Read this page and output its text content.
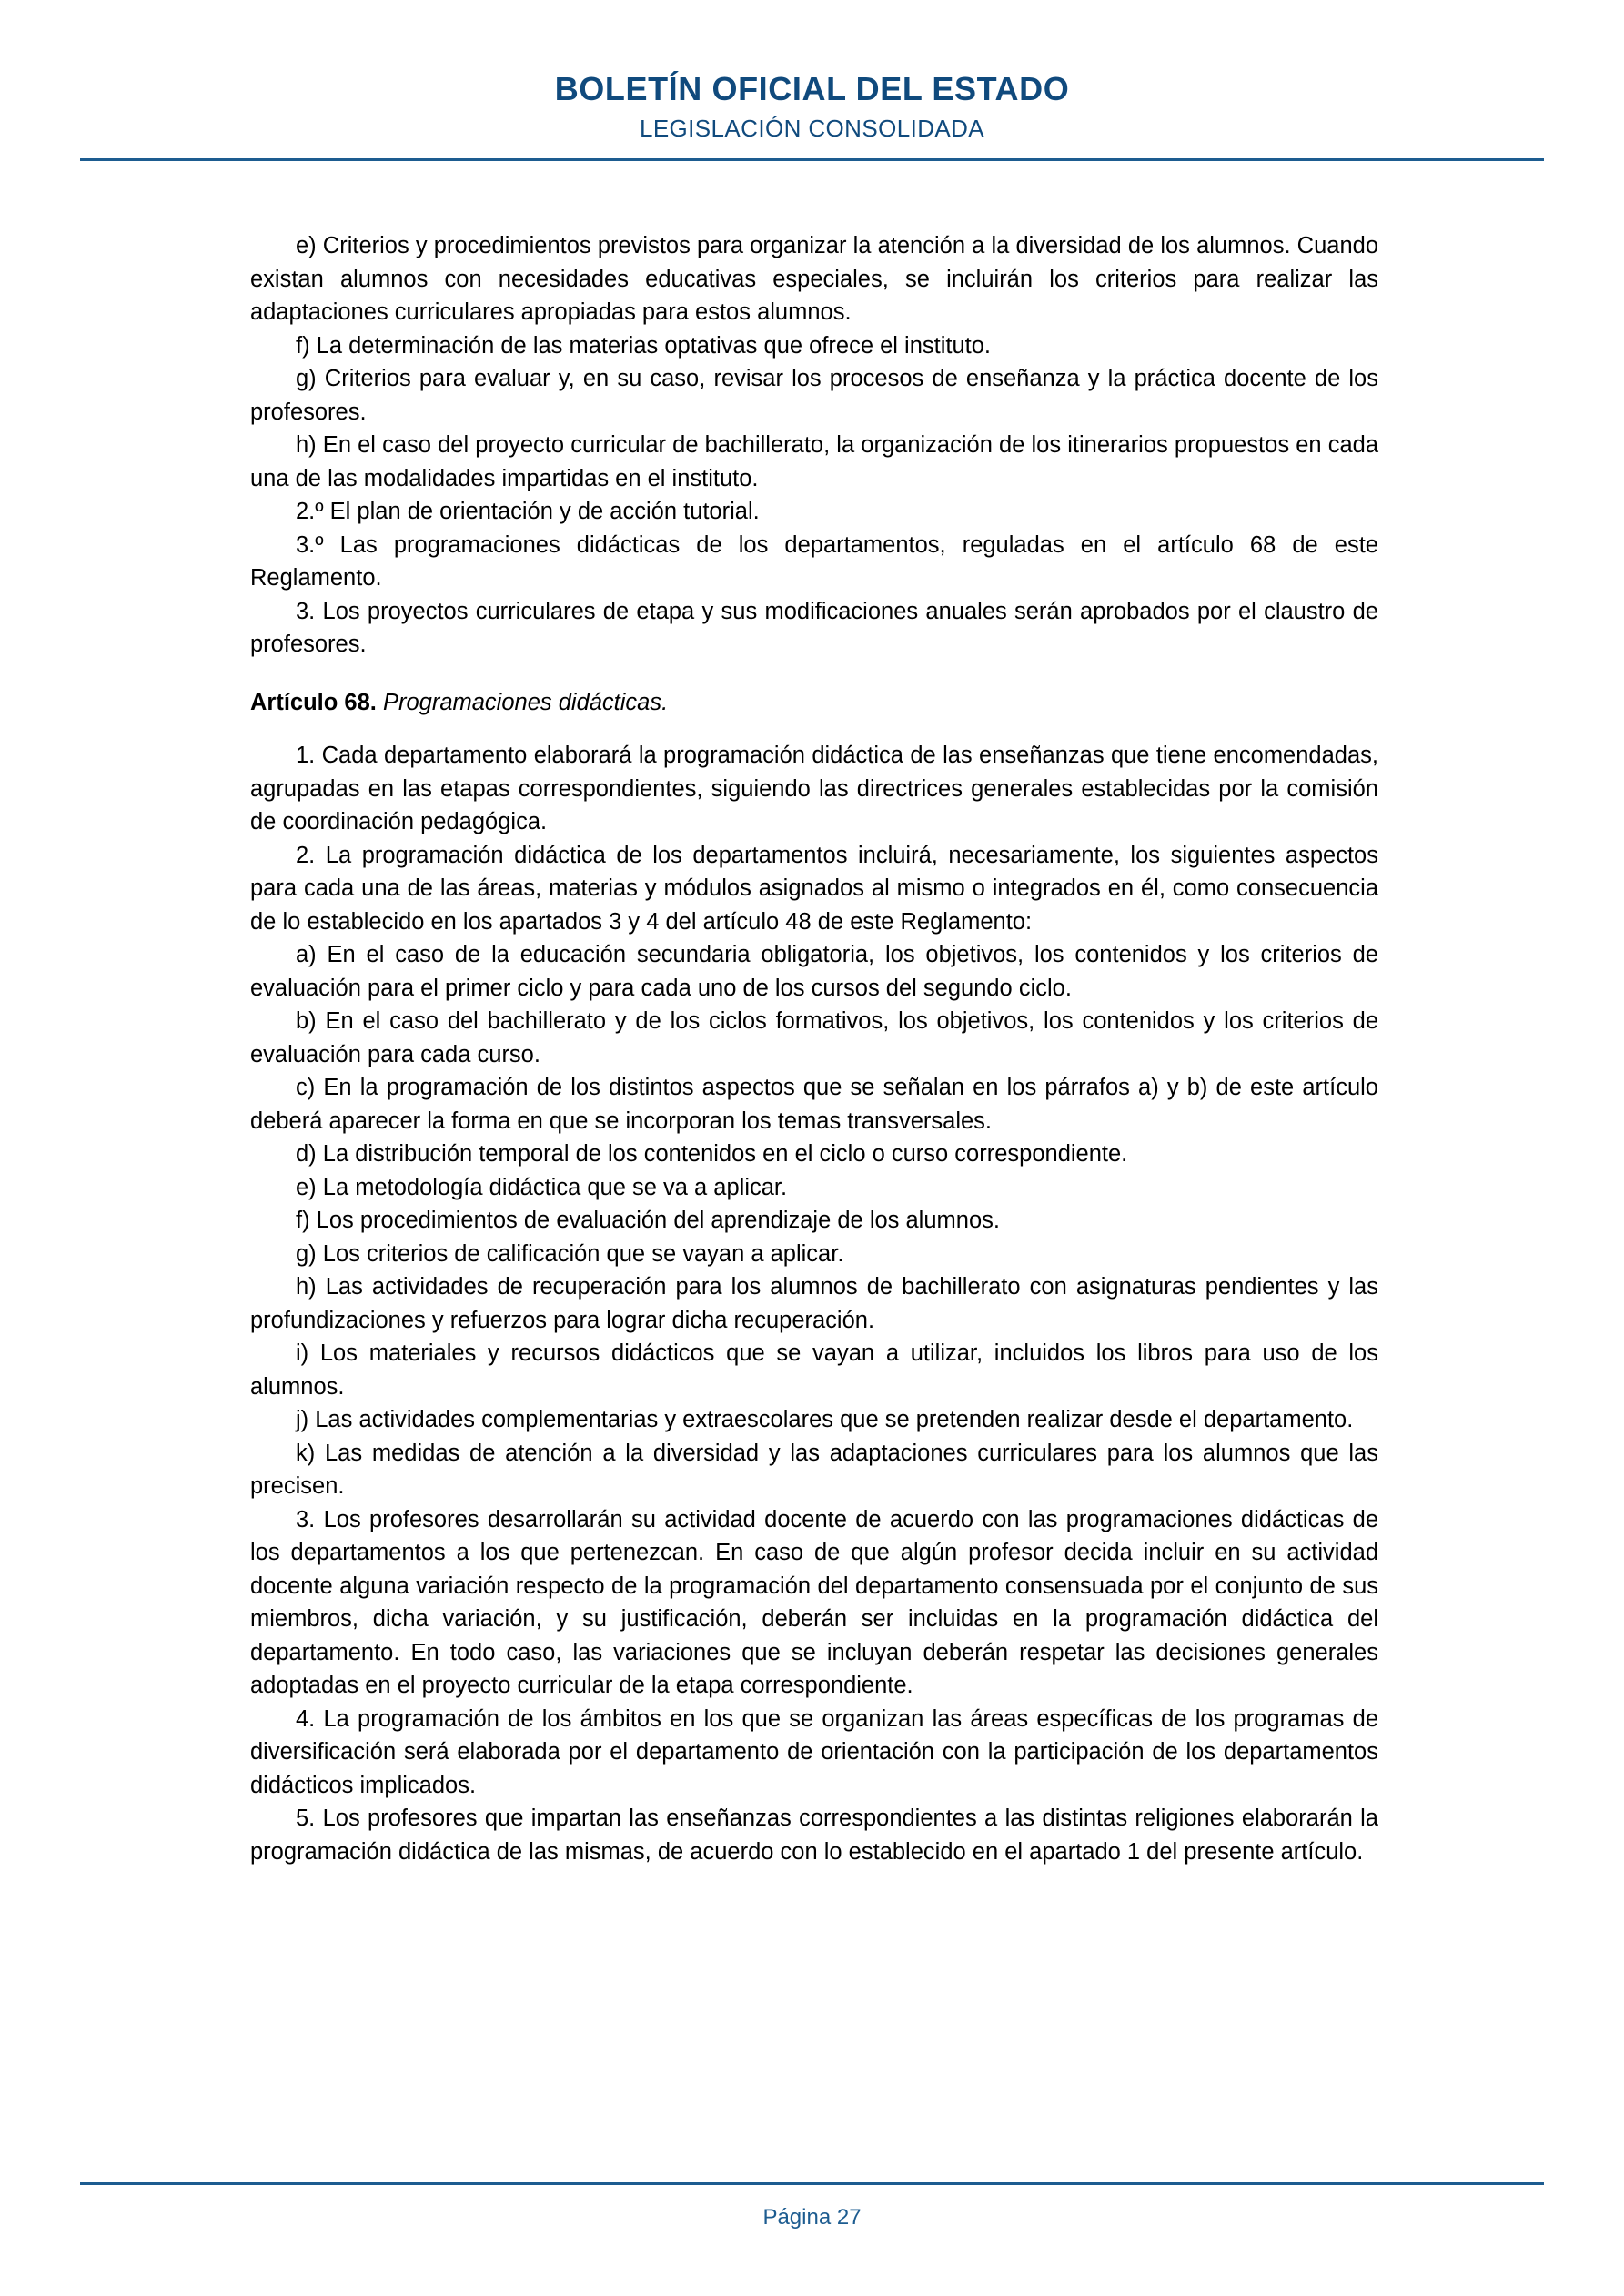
BOLETÍN OFICIAL DEL ESTADO
LEGISLACIÓN CONSOLIDADA

e) Criterios y procedimientos previstos para organizar la atención a la diversidad de los alumnos. Cuando existan alumnos con necesidades educativas especiales, se incluirán los criterios para realizar las adaptaciones curriculares apropiadas para estos alumnos.

f) La determinación de las materias optativas que ofrece el instituto.

g) Criterios para evaluar y, en su caso, revisar los procesos de enseñanza y la práctica docente de los profesores.

h) En el caso del proyecto curricular de bachillerato, la organización de los itinerarios propuestos en cada una de las modalidades impartidas en el instituto.

2.º El plan de orientación y de acción tutorial.

3.º Las programaciones didácticas de los departamentos, reguladas en el artículo 68 de este Reglamento.

3. Los proyectos curriculares de etapa y sus modificaciones anuales serán aprobados por el claustro de profesores.

Artículo 68. Programaciones didácticas.

1. Cada departamento elaborará la programación didáctica de las enseñanzas que tiene encomendadas, agrupadas en las etapas correspondientes, siguiendo las directrices generales establecidas por la comisión de coordinación pedagógica.

2. La programación didáctica de los departamentos incluirá, necesariamente, los siguientes aspectos para cada una de las áreas, materias y módulos asignados al mismo o integrados en él, como consecuencia de lo establecido en los apartados 3 y 4 del artículo 48 de este Reglamento:

a) En el caso de la educación secundaria obligatoria, los objetivos, los contenidos y los criterios de evaluación para el primer ciclo y para cada uno de los cursos del segundo ciclo.

b) En el caso del bachillerato y de los ciclos formativos, los objetivos, los contenidos y los criterios de evaluación para cada curso.

c) En la programación de los distintos aspectos que se señalan en los párrafos a) y b) de este artículo deberá aparecer la forma en que se incorporan los temas transversales.

d) La distribución temporal de los contenidos en el ciclo o curso correspondiente.

e) La metodología didáctica que se va a aplicar.

f) Los procedimientos de evaluación del aprendizaje de los alumnos.

g) Los criterios de calificación que se vayan a aplicar.

h) Las actividades de recuperación para los alumnos de bachillerato con asignaturas pendientes y las profundizaciones y refuerzos para lograr dicha recuperación.

i) Los materiales y recursos didácticos que se vayan a utilizar, incluidos los libros para uso de los alumnos.

j) Las actividades complementarias y extraescolares que se pretenden realizar desde el departamento.

k) Las medidas de atención a la diversidad y las adaptaciones curriculares para los alumnos que las precisen.

3. Los profesores desarrollarán su actividad docente de acuerdo con las programaciones didácticas de los departamentos a los que pertenezcan. En caso de que algún profesor decida incluir en su actividad docente alguna variación respecto de la programación del departamento consensuada por el conjunto de sus miembros, dicha variación, y su justificación, deberán ser incluidas en la programación didáctica del departamento. En todo caso, las variaciones que se incluyan deberán respetar las decisiones generales adoptadas en el proyecto curricular de la etapa correspondiente.

4. La programación de los ámbitos en los que se organizan las áreas específicas de los programas de diversificación será elaborada por el departamento de orientación con la participación de los departamentos didácticos implicados.

5. Los profesores que impartan las enseñanzas correspondientes a las distintas religiones elaborarán la programación didáctica de las mismas, de acuerdo con lo establecido en el apartado 1 del presente artículo.

Página 27
